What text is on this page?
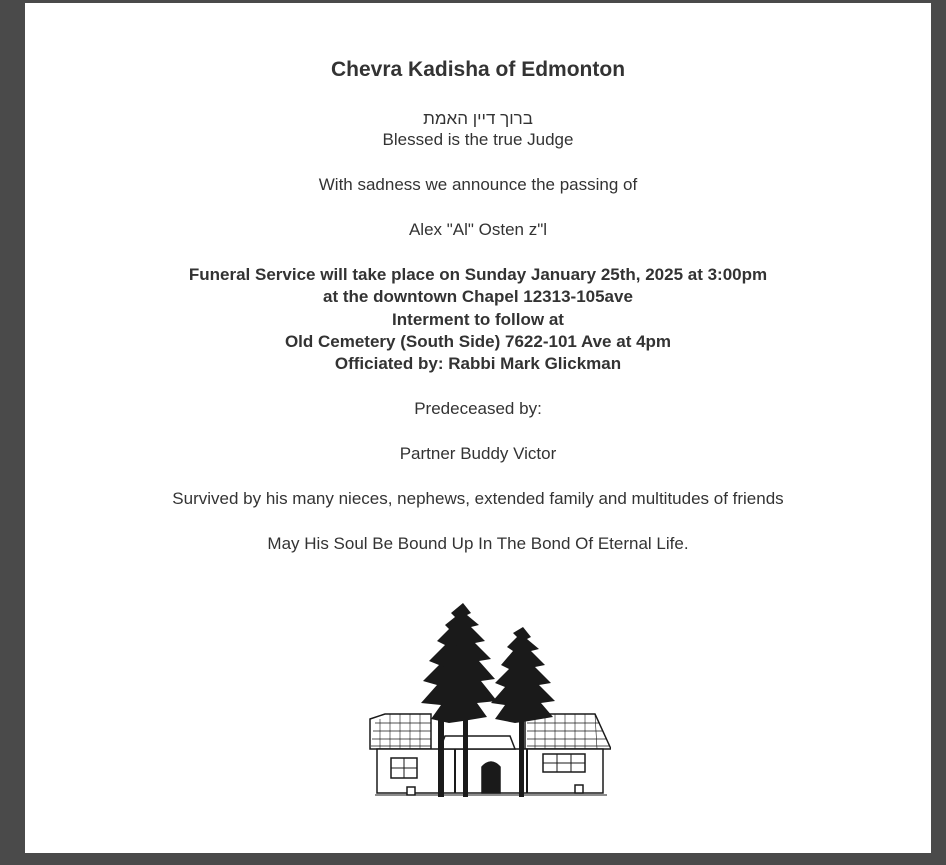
Chevra Kadisha of Edmonton
ברוך דיין האמת
Blessed is the true Judge
With sadness we announce the passing of
Alex "Al" Osten z"l
Funeral Service will take place on Sunday January 25th, 2025 at 3:00pm
at the downtown Chapel 12313-105ave
Interment to follow at
Old Cemetery (South Side) 7622-101 Ave at 4pm
Officiated by: Rabbi Mark Glickman
Predeceased by:
Partner Buddy Victor
Survived by his many nieces, nephews, extended family and multitudes of friends
May His Soul Be Bound Up In The Bond Of Eternal Life.
